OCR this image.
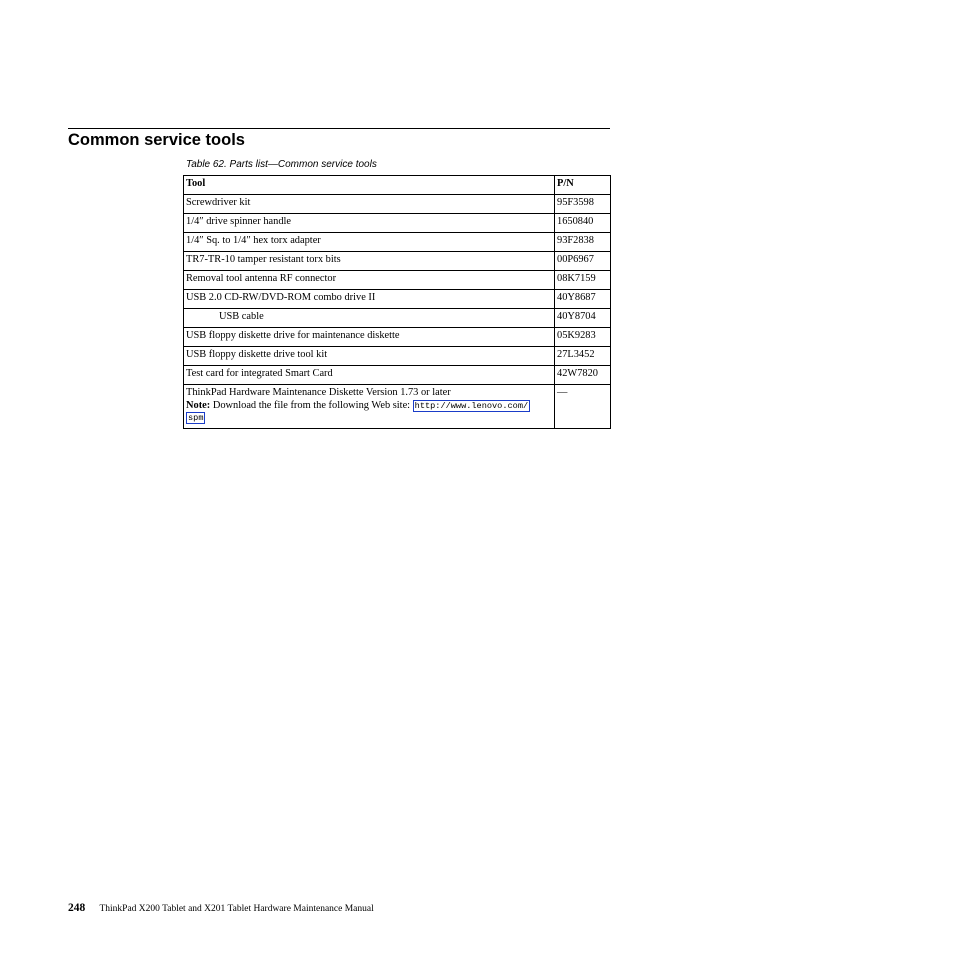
Common service tools
Table 62. Parts list—Common service tools
Tool	P/N
Screwdriver kit	95F3598
1/4″ drive spinner handle	1650840
1/4″ Sq. to 1/4″ hex torx adapter	93F2838
TR7-TR-10 tamper resistant torx bits	00P6967
Removal tool antenna RF connector	08K7159
USB 2.0 CD-RW/DVD-ROM combo drive II	40Y8687
USB cable	40Y8704
USB floppy diskette drive for maintenance diskette	05K9283
USB floppy diskette drive tool kit	27L3452
Test card for integrated Smart Card	42W7820

ThinkPad Hardware Maintenance Diskette Version 1.73 or later
Note: Download the file from the following Web site: http://www.lenovo.com/
spm	—
248 ThinkPad X200 Tablet and X201 Tablet Hardware Maintenance Manual
